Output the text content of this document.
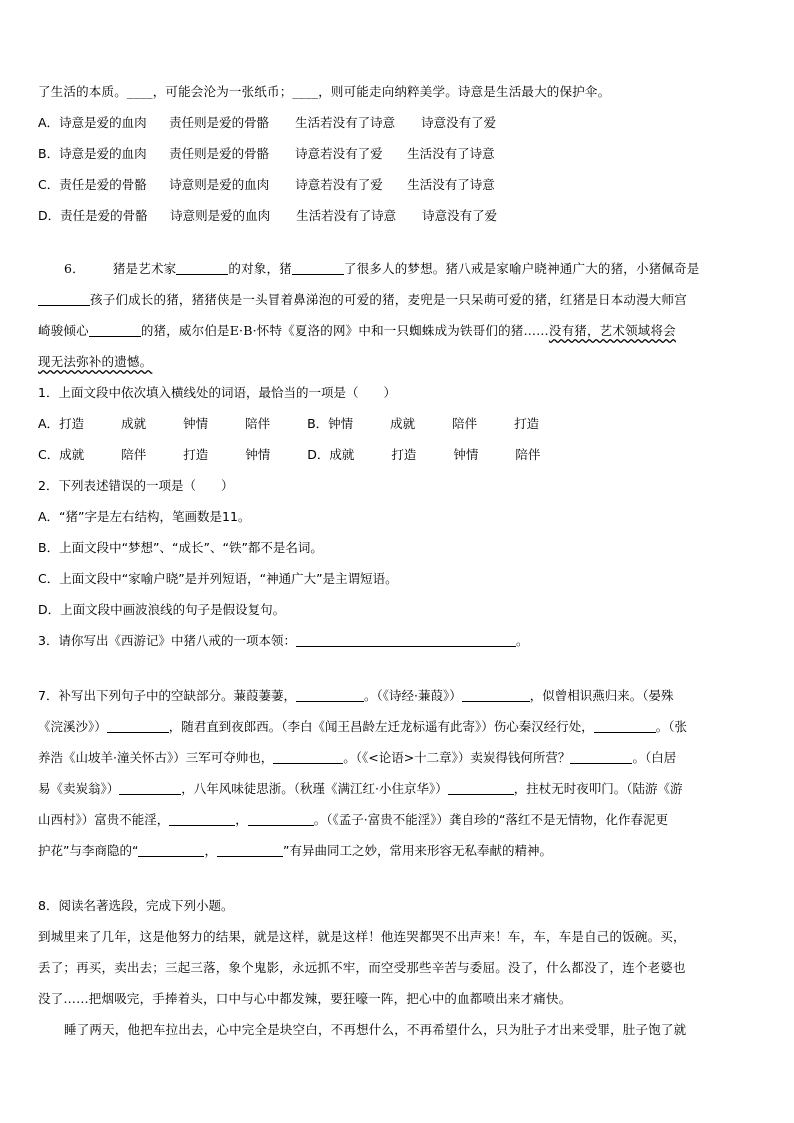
了生活的本质。____，可能会沦为一张纸币；____，则可能走向纳粹美学。诗意是生活最大的保护伞。
A．诗意是爱的血肉 责任则是爱的骨骼 生活若没有了诗意 诗意没有了爱
B．诗意是爱的血肉 责任则是爱的骨骼 诗意若没有了爱 生活没有了诗意
C．责任是爱的骨骼 诗意则是爱的血肉 诗意若没有了爱 生活没有了诗意
D．责任是爱的骨骼 诗意则是爱的血肉 生活若没有了诗意 诗意没有了爱
6． 猪是艺术家	的对象，猪	了很多人的梦想。猪八戒是家喻户晓神通广大的猪，小猪佩奇是
孩子们成长的猪，猪猪侠是一头冒着鼻涕泡的可爱的猪，麦兜是一只呆萌可爱的猪，红猪是日本动漫大师宫
崎骏倾心	的猪，威尔伯是E·B·怀特《夏洛的网》中和一只蜘蛛成为铁哥们的猪……没有猪，艺术领域将会
现无法弥补的遗憾。
1．上面文段中依次填入横线处的词语，最恰当的一项是（　　）
A．打造	成就	钟情	陪伴	B．钟情	成就	陪伴	打造
C．成就	陪伴	打造	钟情	D．成就	打造	钟情	陪伴
2．下列表述错误的一项是（　　）
A．“猪”字是左右结构，笔画数是11。
B．上面文段中“梦想”、“成长”、“铁”都不是名词。
C．上面文段中“家喻户晓”是并列短语，“神通广大”是主谓短语。
D．上面文段中画波浪线的句子是假设复句。
3．请你写出《西游记》中猪八戒的一项本领：	。
7．补写出下列句子中的空缺部分。蒹葭萋萋，	。（《诗经·蒹葭》）	，似曾相识燕归来。（晏殊
《浣溪沙》）	，随君直到夜郎西。（李白《闻王昌龄左迁龙标遥有此寄》）伤心秦汉经行处，	。（张
养浩《山坡羊·潼关怀古》）三军可夺帅也，	。（《<论语>十二章》）卖炭得钱何所营？	。（白居
易《卖炭翁》）	，八年风味徒思浙。（秋瑾《满江红·小住京华》）	，拄杖无时夜叩门。（陆游《游
山西村》）富贵不能淫，	，	。（《孟子·富贵不能淫》）龚自珍的“落红不是无情物，化作春泥更
护花”与李商隐的“	，	”有异曲同工之妙，常用来形容无私奉献的精神。
8．阅读名著选段，完成下列小题。
到城里来了几年，这是他努力的结果，就是这样，就是这样！他连哭都哭不出声来！车，车，车是自己的饭碗。买，
丢了；再买，卖出去；三起三落，象个鬼影，永远抓不牢，而空受那些辛苦与委屈。没了，什么都没了，连个老婆也
没了……把烟吸完，手捧着头，口中与心中都发辣，要狂嚎一阵，把心中的血都喷出来才痛快。
睡了两天，他把车拉出去，心中完全是块空白，不再想什么，不再希望什么，只为肚子才出来受罪，肚子饱了就
